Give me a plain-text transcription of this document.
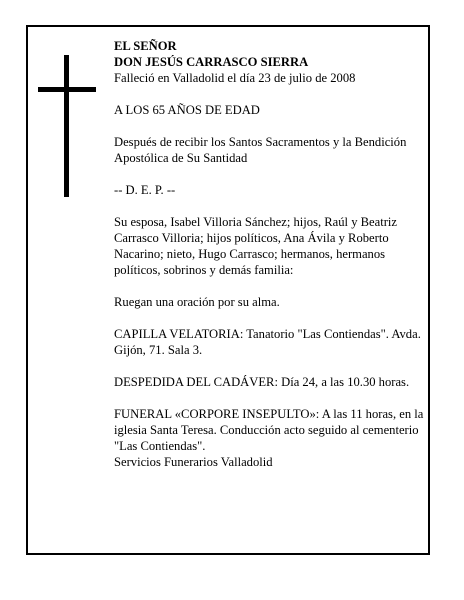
EL SEÑOR
DON JESÚS CARRASCO SIERRA
Falleció en Valladolid el día 23 de julio de 2008

A LOS 65 AÑOS DE EDAD

Después de recibir los Santos Sacramentos y la Bendición Apostólica de Su Santidad

-- D. E. P. --

Su esposa, Isabel Villoria Sánchez; hijos, Raúl y Beatriz Carrasco Villoria; hijos políticos, Ana Ávila y Roberto Nacarino; nieto, Hugo Carrasco; hermanos, hermanos políticos, sobrinos y demás familia:

Ruegan una oración por su alma.

CAPILLA VELATORIA: Tanatorio "Las Contiendas". Avda. Gijón, 71. Sala 3.

DESPEDIDA DEL CADÁVER: Día 24, a las 10.30 horas.

FUNERAL «CORPORE INSEPULTO»: A las 11 horas, en la iglesia Santa Teresa. Conducción acto seguido al cementerio "Las Contiendas".

Servicios Funerarios Valladolid
